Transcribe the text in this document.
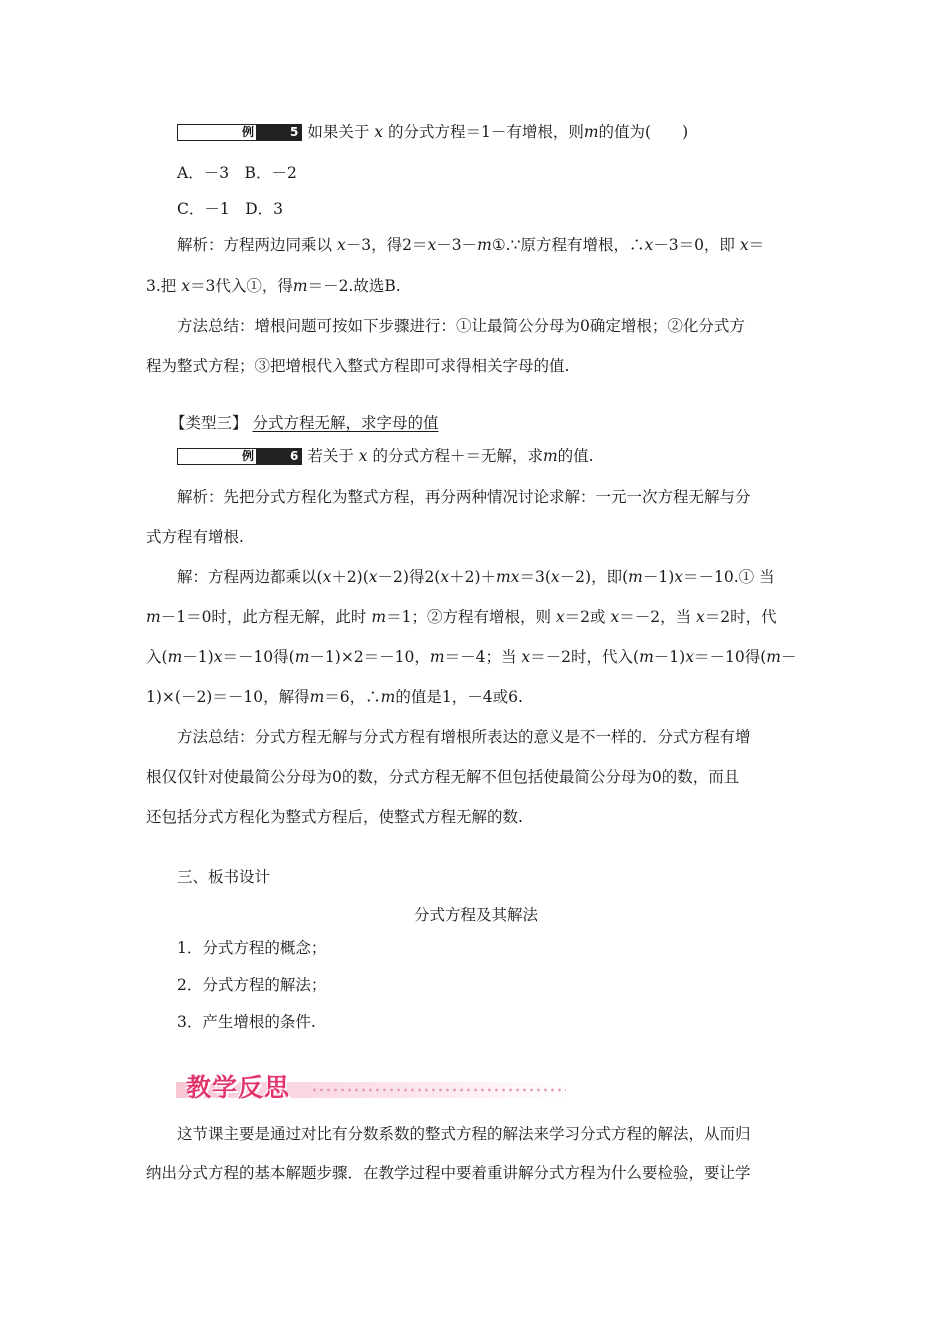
例	5 如果关于 x 的分式方程＝1－有增根，则m的值为(　　)
A．－3　B．－2
C．－1　D．3
解析：方程两边同乘以 x－3，得2＝x－3－m①.∵原方程有增根，∴x－3＝0，即 x＝
3.把 x＝3代入①，得m＝－2.故选B.
方法总结：增根问题可按如下步骤进行：①让最简公分母为0确定增根；②化分式方
程为整式方程；③把增根代入整式方程即可求得相关字母的值.
【类型三】 分式方程无解，求字母的值
例	6 若关于 x 的分式方程＋＝无解，求m的值.
解析：先把分式方程化为整式方程，再分两种情况讨论求解：一元一次方程无解与分
式方程有增根.
解：方程两边都乘以(x＋2)(x－2)得2(x＋2)＋mx＝3(x－2)，即(m－1)x＝－10.① 当
m－1＝0时，此方程无解，此时 m＝1；②方程有增根，则 x＝2或 x＝－2，当 x＝2时，代
入(m－1)x＝－10得(m－1)×2＝－10，m＝－4；当 x＝－2时，代入(m－1)x＝－10得(m－
1)×(－2)＝－10，解得m＝6，∴m的值是1，－4或6.
方法总结：分式方程无解与分式方程有增根所表达的意义是不一样的．分式方程有增
根仅仅针对使最简公分母为0的数，分式方程无解不但包括使最简公分母为0的数，而且
还包括分式方程化为整式方程后，使整式方程无解的数.
三、板书设计
分式方程及其解法
1．分式方程的概念；
2．分式方程的解法；
3．产生增根的条件.
教学反思
这节课主要是通过对比有分数系数的整式方程的解法来学习分式方程的解法，从而归
纳出分式方程的基本解题步骤．在教学过程中要着重讲解分式方程为什么要检验，要让学
